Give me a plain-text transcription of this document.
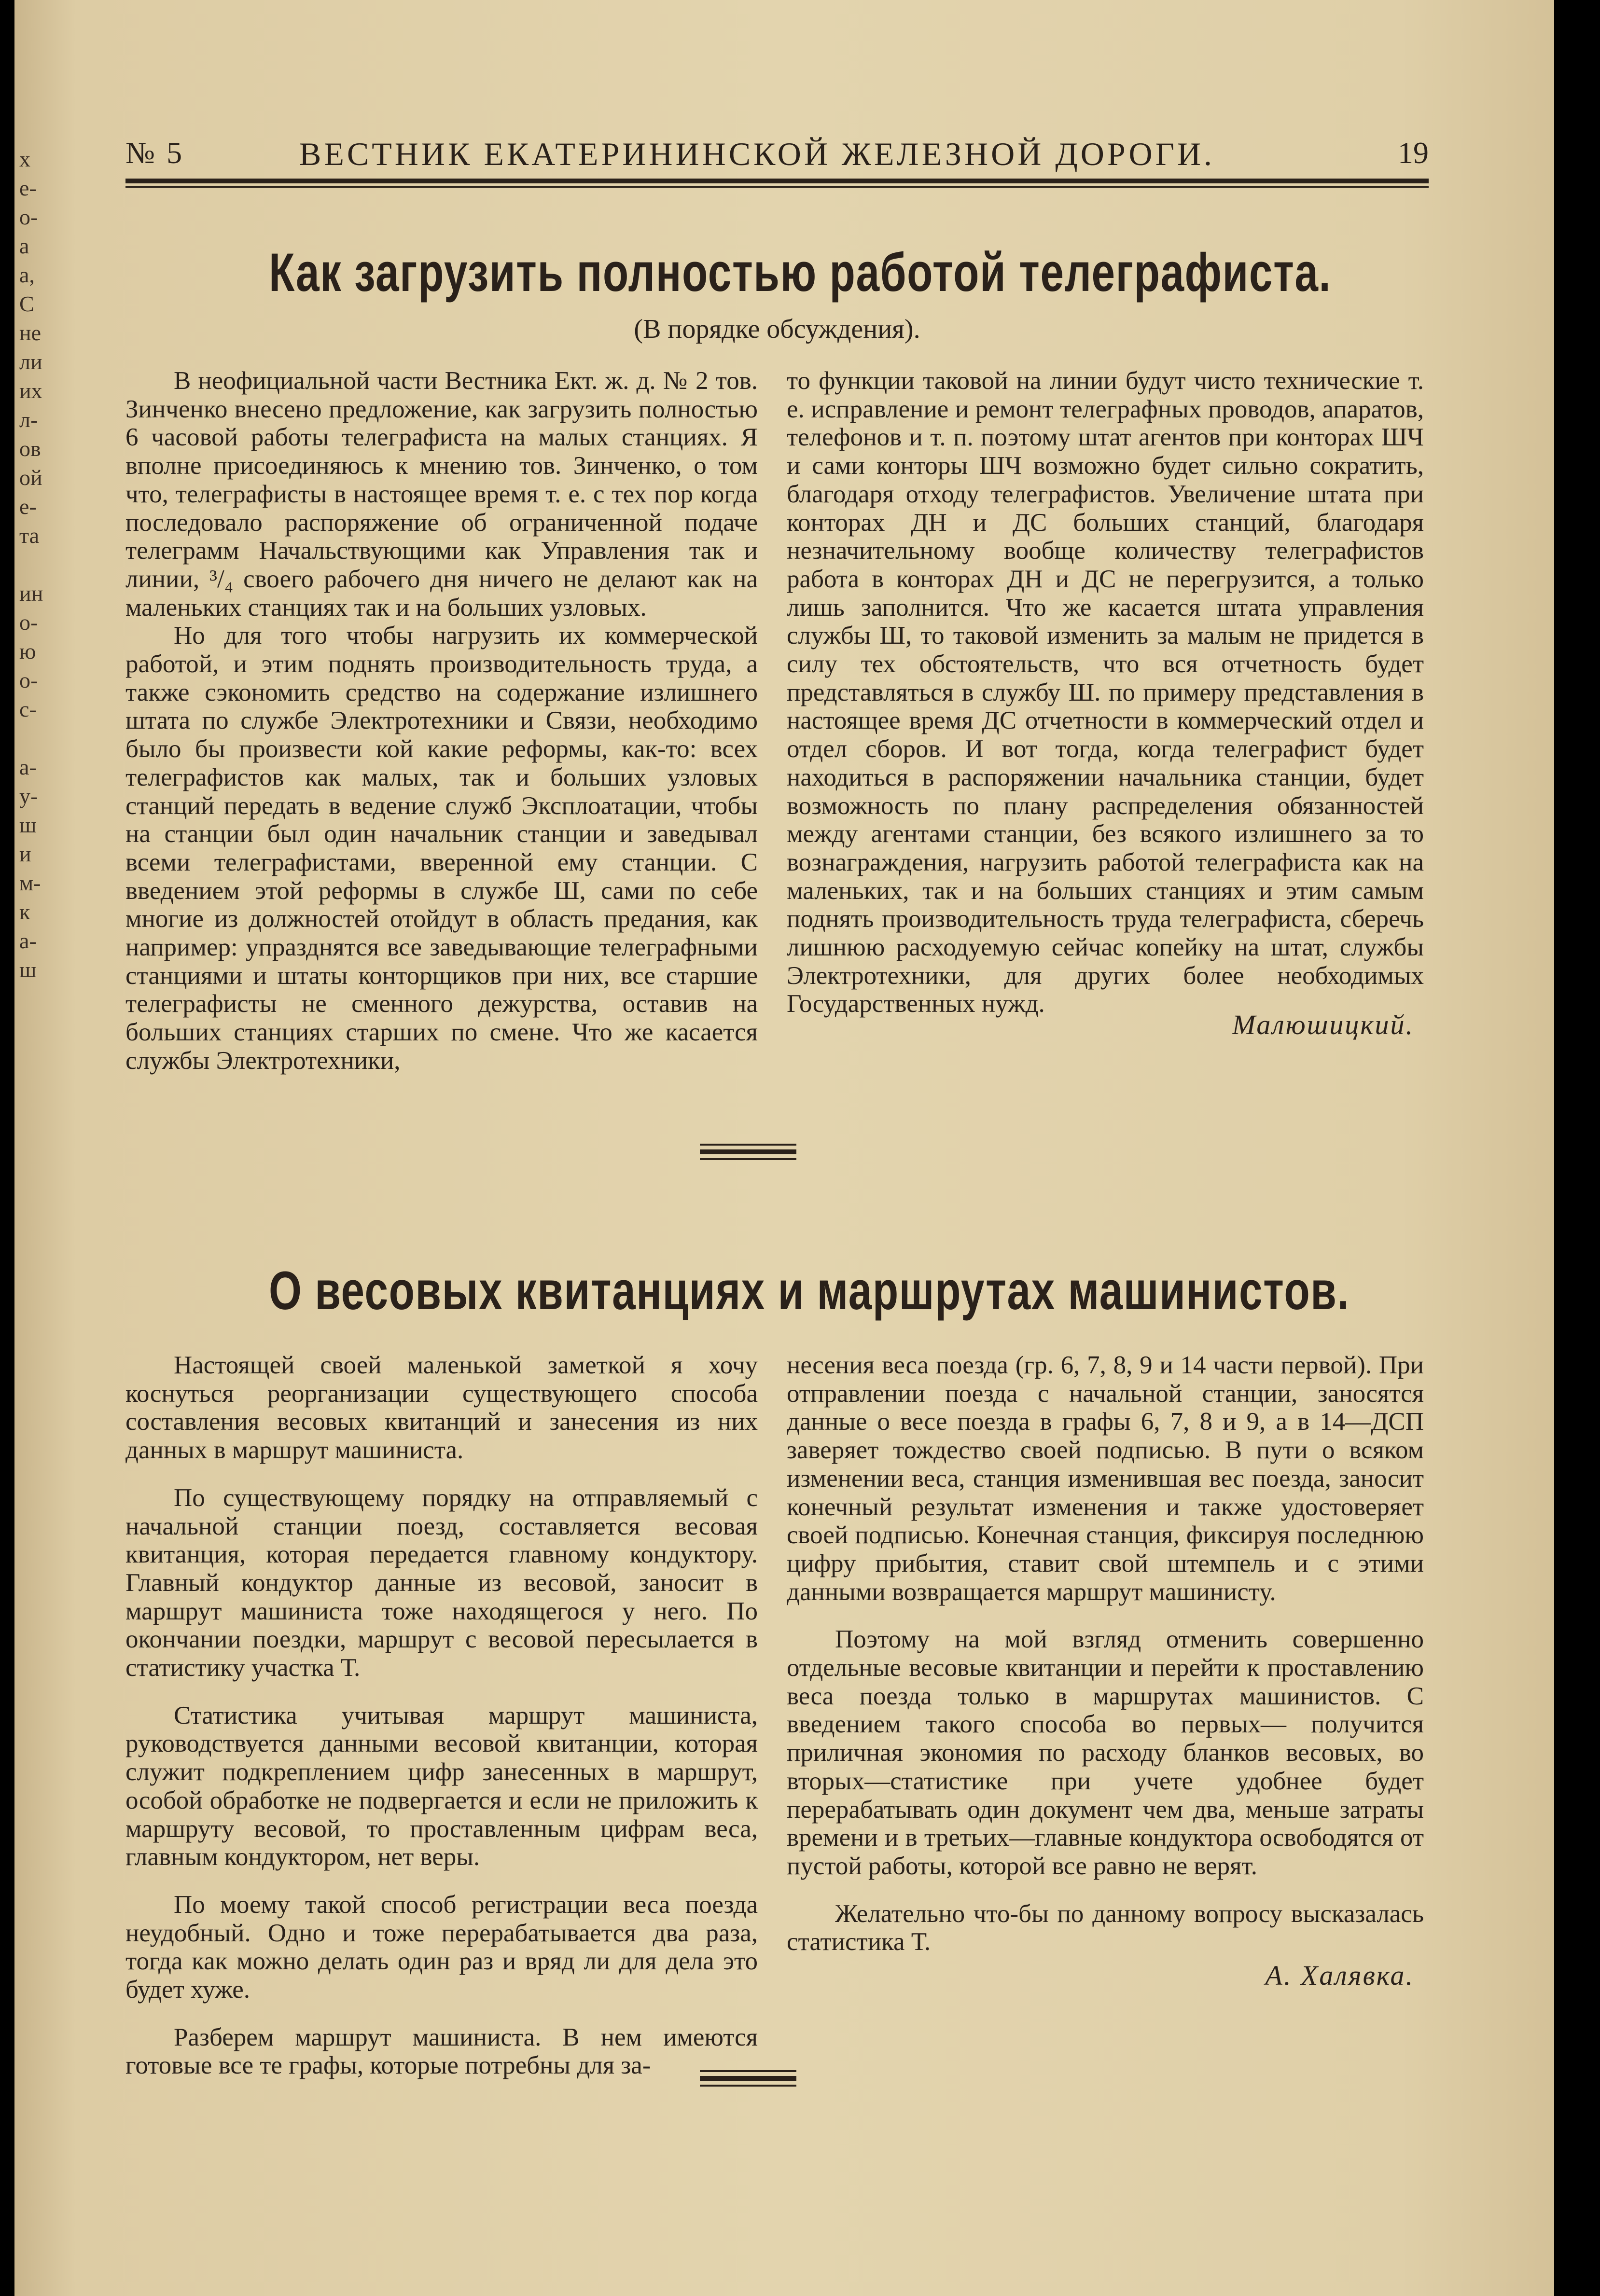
х
е-
о-
а
а,
С
не
ли
их
л-
ов
ой
е-
та

ин
о-
ю
о-
с-

а-
у-
ш
и
м-
к
а-
ш
№ 5	ВЕСТНИК ЕКАТЕРИНИНСКОЙ ЖЕЛЕЗНОЙ ДОРОГИ.	19
Как загрузить полностью работой телеграфиста.
(В порядке обсуждения).

В неофициальной части Вестника Ект. ж. д. № 2 тов. Зинченко внесено предложение, как загрузить полностью 6 часовой работы телеграфиста на малых станциях. Я вполне присоединяюсь к мнению тов. Зинченко, о том что, телеграфисты в настоящее время т. е. с тех пор когда последовало распоряжение об ограниченной подаче телеграмм Начальствующими как Управления так и линии, ³/₄ своего рабочего дня ничего не делают как на маленьких станциях так и на больших узловых.

Но для того чтобы нагрузить их коммерческой работой, и этим поднять производительность труда, а также сэкономить средство на содержание излишнего штата по службе Электротехники и Связи, необходимо было бы произвести кой какие реформы, как-то: всех телеграфистов как малых, так и больших узловых станций передать в ведение служб Эксплоатации, чтобы на станции был один начальник станции и заведывал всеми телеграфистами, вверенной ему станции. С введением этой реформы в службе Ш, сами по себе многие из должностей отойдут в область предания, как например: упразднятся все заведывающие телеграфными станциями и штаты конторщиков при них, все старшие телеграфисты не сменного дежурства, оставив на больших станциях старших по смене. Что же касается службы Электротехники,

то функции таковой на линии будут чисто технические т. е. исправление и ремонт телеграфных проводов, апаратов, телефонов и т. п. поэтому штат агентов при конторах ШЧ и сами конторы ШЧ возможно будет сильно сократить, благодаря отходу телеграфистов. Увеличение штата при конторах ДН и ДС больших станций, благодаря незначительному вообще количеству телеграфистов работа в конторах ДН и ДС не перегрузится, а только лишь заполнится. Что же касается штата управления службы Ш, то таковой изменить за малым не придется в силу тех обстоятельств, что вся отчетность будет представляться в службу Ш. по примеру представления в настоящее время ДС отчетности в коммерческий отдел и отдел сборов. И вот тогда, когда телеграфист будет находиться в распоряжении начальника станции, будет возможность по плану распределения обязанностей между агентами станции, без всякого излишнего за то вознаграждения, нагрузить работой телеграфиста как на маленьких, так и на больших станциях и этим самым поднять производительность труда телеграфиста, сберечь лишнюю расходуемую сейчас копейку на штат, службы Электротехники, для других более необходимых Государственных нужд.

Малюшицкий.
О весовых квитанциях и маршрутах машинистов.

Настоящей своей маленькой заметкой я хочу коснуться реорганизации существующего способа составления весовых квитанций и занесения из них данных в маршрут машиниста.

По существующему порядку на отправляемый с начальной станции поезд, составляется весовая квитанция, которая передается главному кондуктору. Главный кондуктор данные из весовой, заносит в маршрут машиниста тоже находящегося у него. По окончании поездки, маршрут с весовой пересылается в статистику участка Т.

Статистика учитывая маршрут машиниста, руководствуется данными весовой квитанции, которая служит подкреплением цифр занесенных в маршрут, особой обработке не подвергается и если не приложить к маршруту весовой, то проставленным цифрам веса, главным кондуктором, нет веры.

По моему такой способ регистрации веса поезда неудобный. Одно и тоже перерабатывается два раза, тогда как можно делать один раз и вряд ли для дела это будет хуже.

Разберем маршрут машиниста. В нем имеются готовые все те графы, которые потребны для за-

несения веса поезда (гр. 6, 7, 8, 9 и 14 части первой). При отправлении поезда с начальной станции, заносятся данные о весе поезда в графы 6, 7, 8 и 9, а в 14—ДСП заверяет тождество своей подписью. В пути о всяком изменении веса, станция изменившая вес поезда, заносит конечный результат изменения и также удостоверяет своей подписью. Конечная станция, фиксируя последнюю цифру прибытия, ставит свой штемпель и с этими данными возвращается маршрут машинисту.

Поэтому на мой взгляд отменить совершенно отдельные весовые квитанции и перейти к проставлению веса поезда только в маршрутах машинистов. С введением такого способа во первых— получится приличная экономия по расходу бланков весовых, во вторых—статистике при учете удобнее будет перерабатывать один документ чем два, меньше затраты времени и в третьих—главные кондуктора освободятся от пустой работы, которой все равно не верят.

Желательно что-бы по данному вопросу высказалась статистика Т.

А. Халявка.
